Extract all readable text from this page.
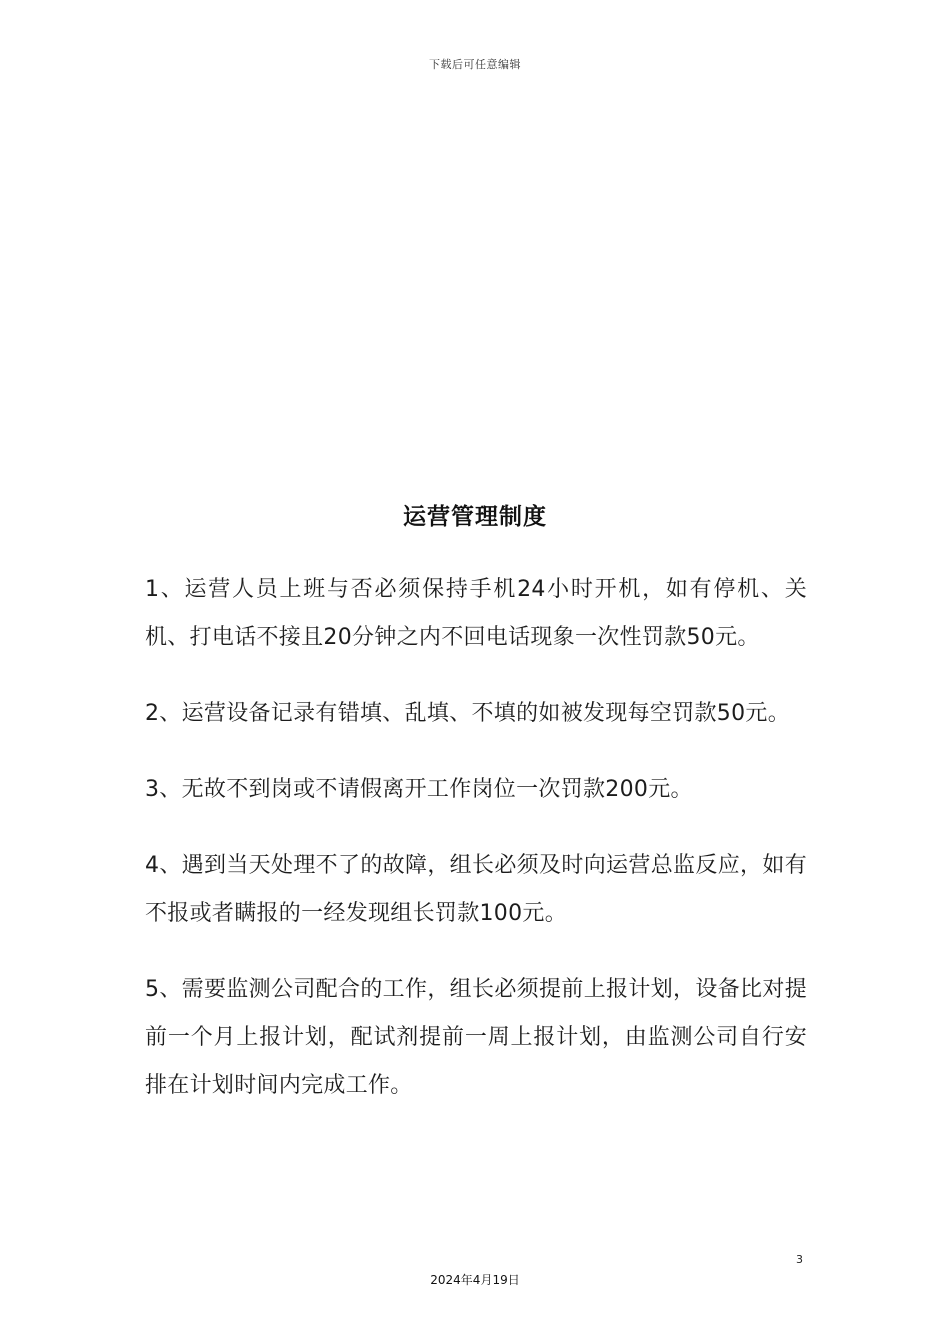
下载后可任意编辑
运营管理制度

1、运营人员上班与否必须保持手机24小时开机，如有停机、关机、打电话不接且20分钟之内不回电话现象一次性罚款50元。

2、运营设备记录有错填、乱填、不填的如被发现每空罚款50元。

3、无故不到岗或不请假离开工作岗位一次罚款200元。

4、遇到当天处理不了的故障，组长必须及时向运营总监反应，如有不报或者瞒报的一经发现组长罚款100元。

5、需要监测公司配合的工作，组长必须提前上报计划，设备比对提前一个月上报计划，配试剂提前一周上报计划，由监测公司自行安排在计划时间内完成工作。

3
2024年4月19日
